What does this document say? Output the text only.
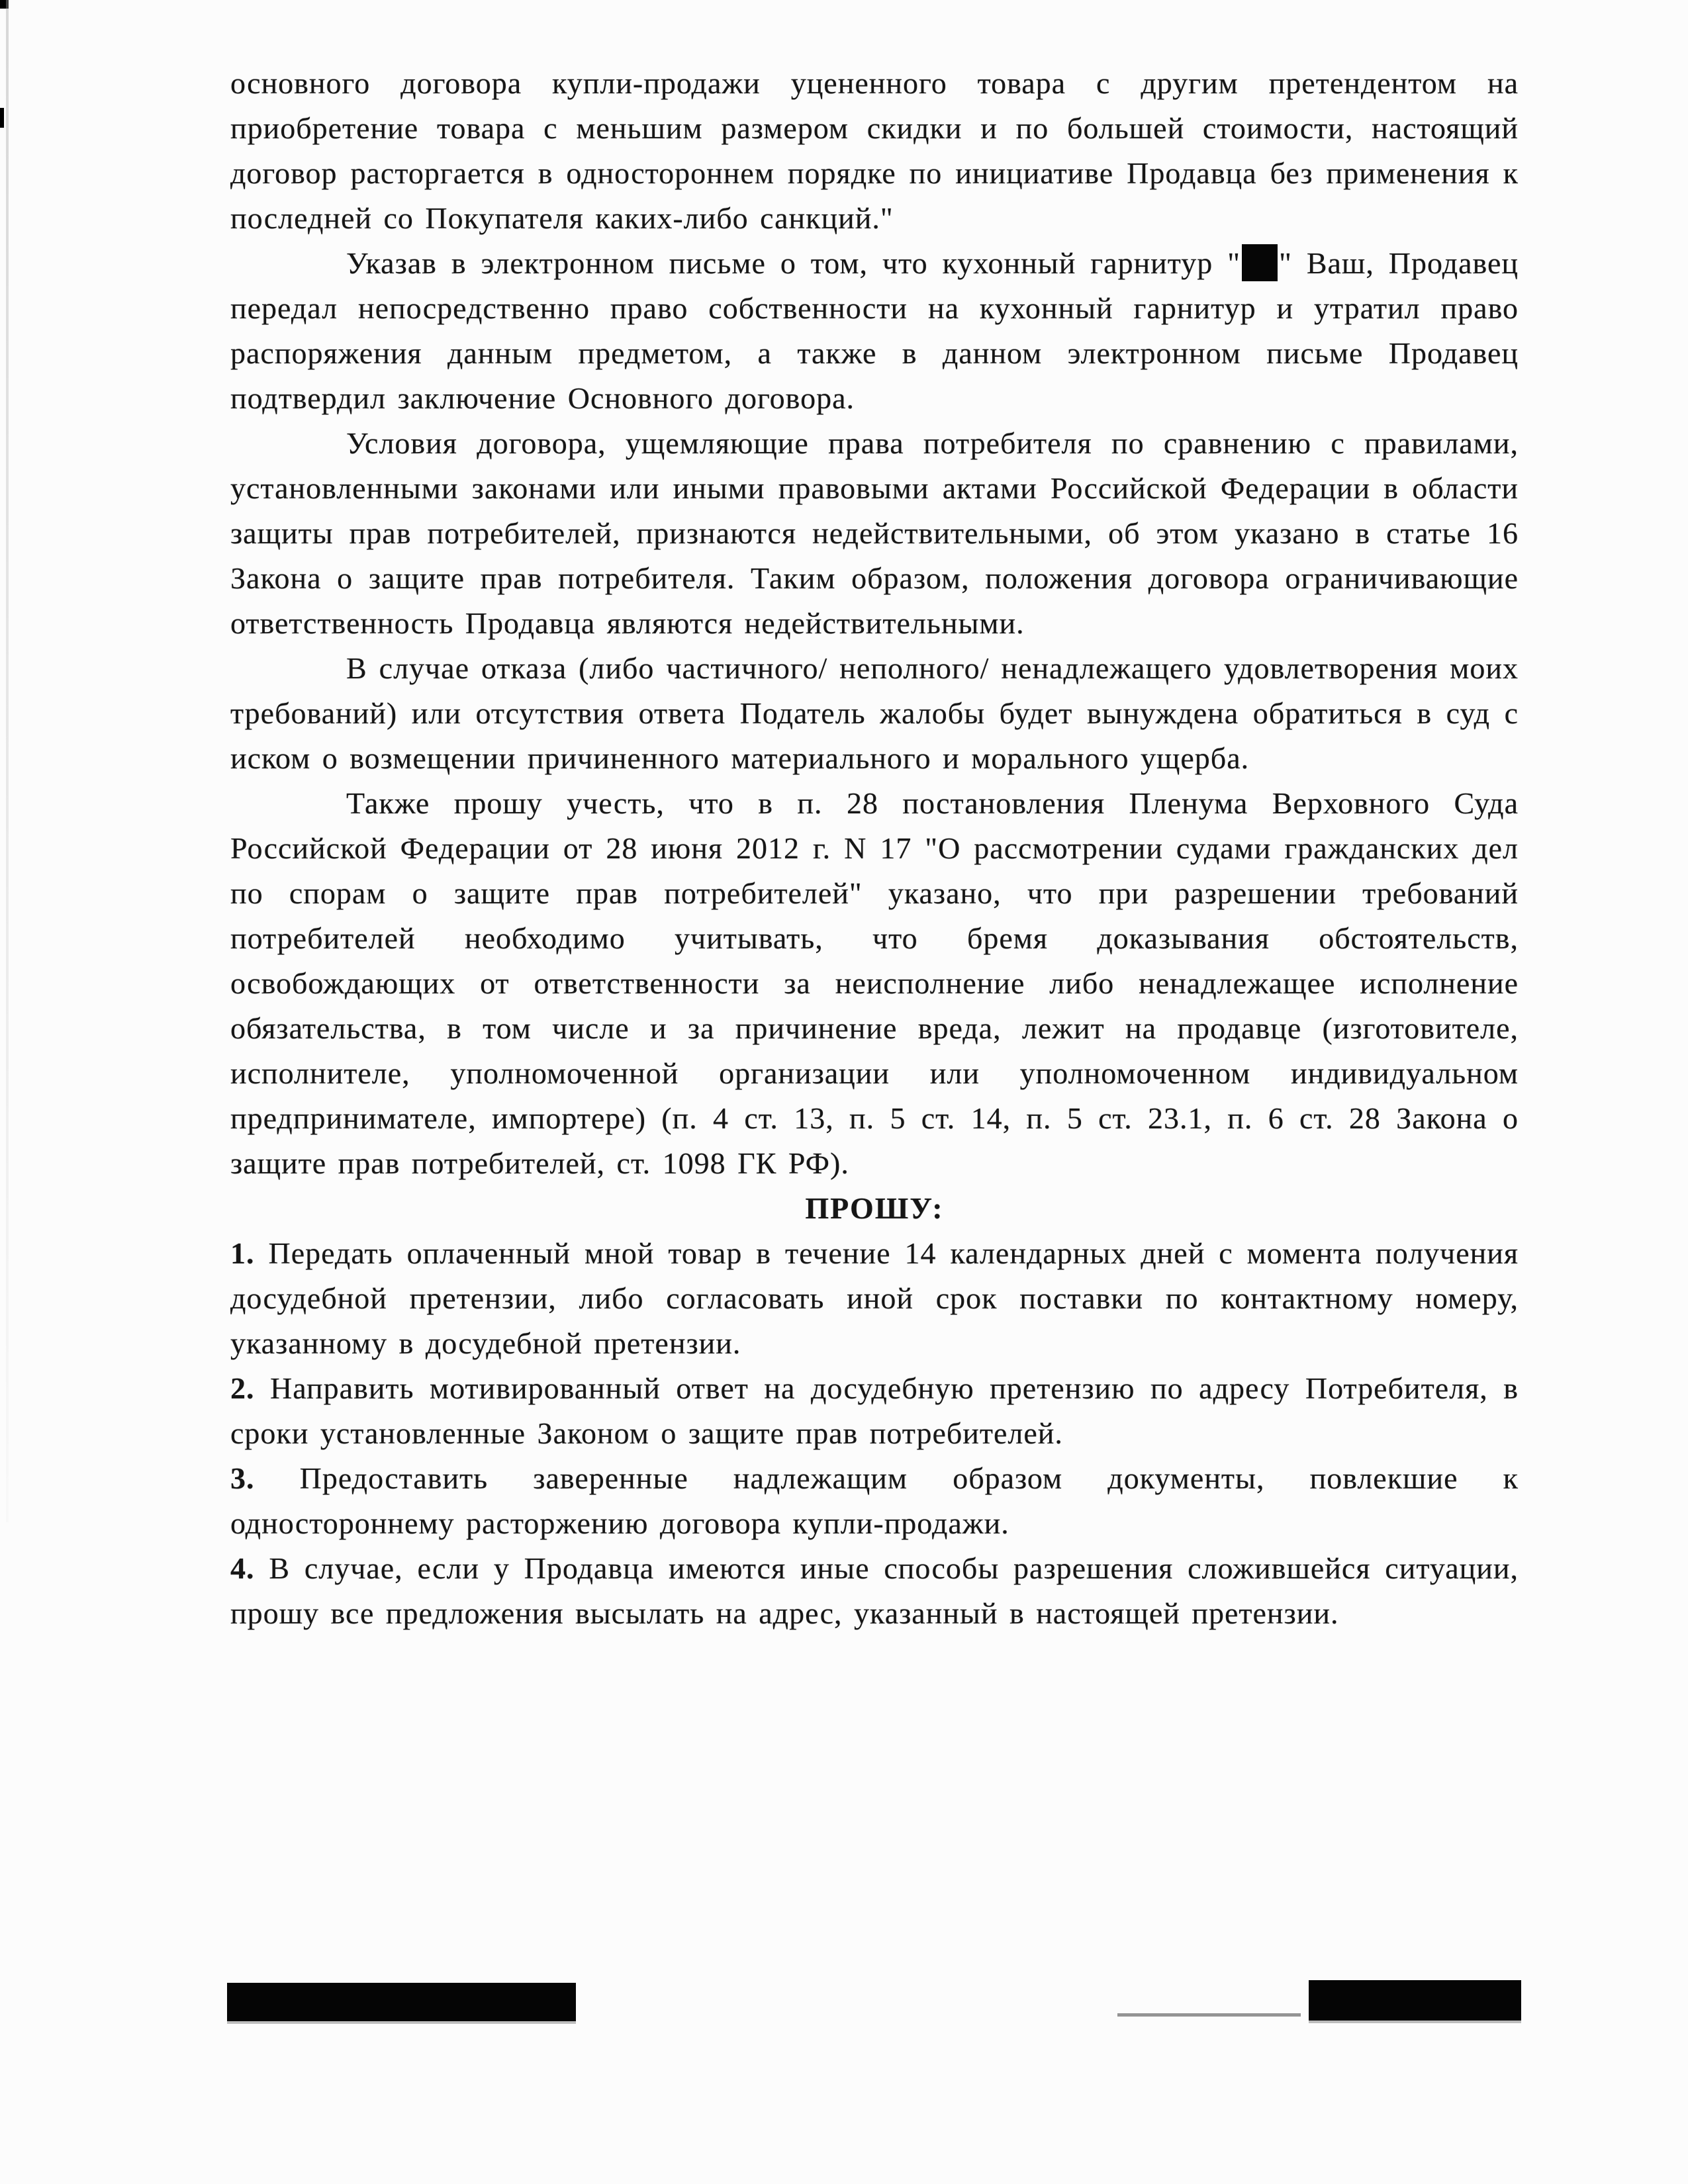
основного договора купли-продажи уцененного товара с другим претендентом на приобретение товара с меньшим размером скидки и по большей стоимости, настоящий договор расторгается в одностороннем порядке по инициативе Продавца без применения к последней со Покупателя каких-либо санкций."

Указав в электронном письме о том, что кухонный гарнитур " " Ваш, Продавец передал непосредственно право собственности на кухонный гарнитур и утратил право распоряжения данным предметом, а также в данном электронном письме Продавец подтвердил заключение Основного договора.

Условия договора, ущемляющие права потребителя по сравнению с правилами, установленными законами или иными правовыми актами Российской Федерации в области защиты прав потребителей, признаются недействительными, об этом указано в статье 16 Закона о защите прав потребителя. Таким образом, положения договора ограничивающие ответственность Продавца являются недействительными.

В случае отказа (либо частичного/ неполного/ ненадлежащего удовлетворения моих требований) или отсутствия ответа Податель жалобы будет вынуждена обратиться в суд с иском о возмещении причиненного материального и морального ущерба.

Также прошу учесть, что в п. 28 постановления Пленума Верховного Суда Российской Федерации от 28 июня 2012 г. N 17 "О рассмотрении судами гражданских дел по спорам о защите прав потребителей" указано, что при разрешении требований потребителей необходимо учитывать, что бремя доказывания обстоятельств, освобождающих от ответственности за неисполнение либо ненадлежащее исполнение обязательства, в том числе и за причинение вреда, лежит на продавце (изготовителе, исполнителе, уполномоченной организации или уполномоченном индивидуальном предпринимателе, импортере) (п. 4 ст. 13, п. 5 ст. 14, п. 5 ст. 23.1, п. 6 ст. 28 Закона о защите прав потребителей, ст. 1098 ГК РФ).

ПРОШУ:

1. Передать оплаченный мной товар в течение 14 календарных дней с момента получения досудебной претензии, либо согласовать иной срок поставки по контактному номеру, указанному в досудебной претензии.

2. Направить мотивированный ответ на досудебную претензию по адресу Потребителя, в сроки установленные Законом о защите прав потребителей.

3. Предоставить заверенные надлежащим образом документы, повлекшие к одностороннему расторжению договора купли-продажи.

4. В случае, если у Продавца имеются иные способы разрешения сложившейся ситуации, прошу все предложения высылать на адрес, указанный в настоящей претензии.
